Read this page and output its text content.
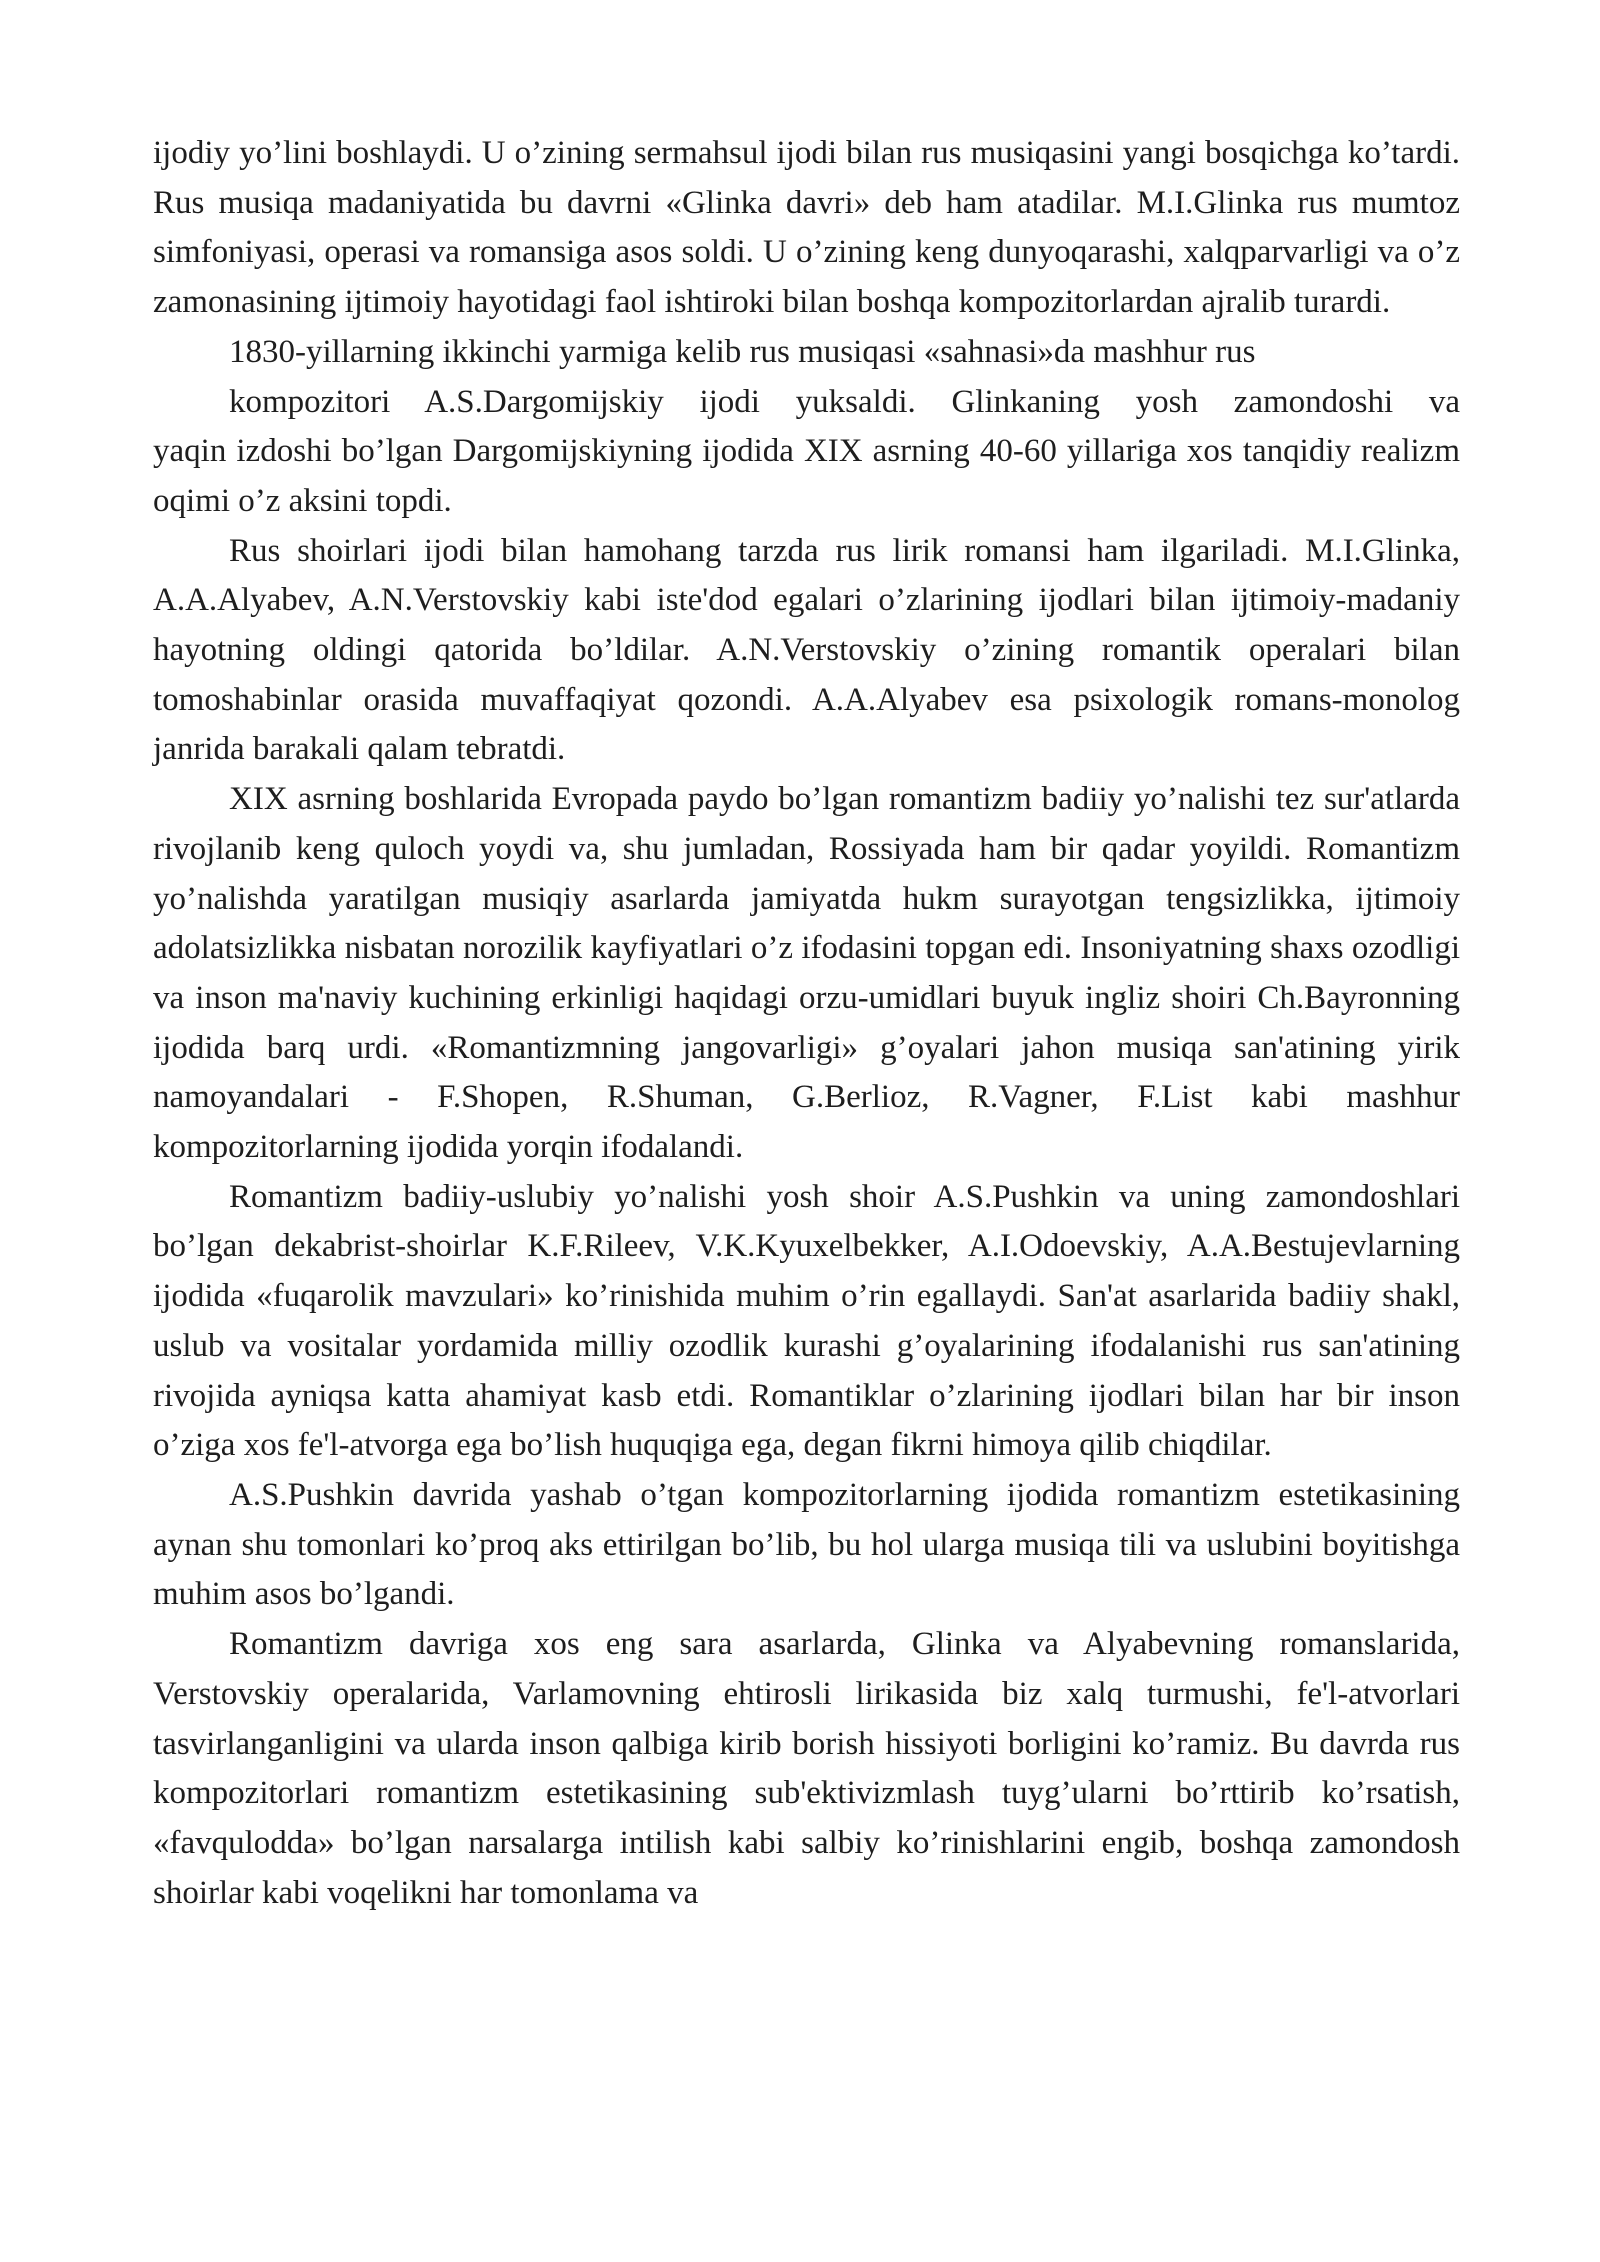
ijodiy yo’lini boshlaydi. U o’zining sermahsul ijodi bilan rus musiqasini yangi bosqichga ko’tardi. Rus musiqa madaniyatida bu davrni «Glinka davri» deb ham atadilar. M.I.Glinka rus mumtoz simfoniyasi, operasi va romansiga asos soldi. U o’zining keng dunyoqarashi, xalqparvarligi va o’z zamonasining ijtimoiy hayotidagi faol ishtiroki bilan boshqa kompozitorlardan ajralib turardi.

1830-yillarning ikkinchi yarmiga kelib rus musiqasi «sahnasi»da mashhur rus

kompozitori A.S.Dargomijskiy ijodi yuksaldi. Glinkaning yosh zamondoshi va

yaqin izdoshi bo’lgan Dargomijskiyning ijodida XIX asrning 40-60 yillariga xos tanqidiy realizm oqimi o’z aksini topdi.

Rus shoirlari ijodi bilan hamohang tarzda rus lirik romansi ham ilgariladi. M.I.Glinka, A.A.Alyabev, A.N.Verstovskiy kabi iste'dod egalari o’zlarining ijodlari bilan ijtimoiy-madaniy hayotning oldingi qatorida bo’ldilar. A.N.Verstovskiy o’zining romantik operalari bilan tomoshabinlar orasida muvaffaqiyat qozondi. A.A.Alyabev esa psixologik romans-monolog janrida barakali qalam tebratdi.

XIX asrning boshlarida Evropada paydo bo’lgan romantizm badiiy yo’nalishi tez sur'atlarda rivojlanib keng quloch yoydi va, shu jumladan, Rossiyada ham bir qadar yoyildi. Romantizm yo’nalishda yaratilgan musiqiy asarlarda jamiyatda hukm surayotgan tengsizlikka, ijtimoiy adolatsizlikka nisbatan norozilik kayfiyatlari o’z ifodasini topgan edi. Insoniyatning shaxs ozodligi va inson ma'naviy kuchining erkinligi haqidagi orzu-umidlari buyuk ingliz shoiri Ch.Bayronning ijodida barq urdi. «Romantizmning jangovarligi» g’oyalari jahon musiqa san'atining yirik namoyandalari - F.Shopen, R.Shuman, G.Berlioz, R.Vagner, F.List kabi mashhur kompozitorlarning ijodida yorqin ifodalandi.

Romantizm badiiy-uslubiy yo’nalishi yosh shoir A.S.Pushkin va uning zamondoshlari bo’lgan dekabrist-shoirlar K.F.Rileev, V.K.Kyuxelbekker, A.I.Odoevskiy, A.A.Bestujevlarning ijodida «fuqarolik mavzulari» ko’rinishida muhim o’rin egallaydi. San'at asarlarida badiiy shakl, uslub va vositalar yordamida milliy ozodlik kurashi g’oyalarining ifodalanishi rus san'atining rivojida ayniqsa katta ahamiyat kasb etdi. Romantiklar o’zlarining ijodlari bilan har bir inson o’ziga xos fe'l-atvorga ega bo’lish huquqiga ega, degan fikrni himoya qilib chiqdilar.

A.S.Pushkin davrida yashab o’tgan kompozitorlarning ijodida romantizm estetikasining aynan shu tomonlari ko’proq aks ettirilgan bo’lib, bu hol ularga musiqa tili va uslubini boyitishga muhim asos bo’lgandi.

Romantizm davriga xos eng sara asarlarda, Glinka va Alyabevning romanslarida, Verstovskiy operalarida, Varlamovning ehtirosli lirikasida biz xalq turmushi, fe'l-atvorlari tasvirlanganligini va ularda inson qalbiga kirib borish hissiyoti borligini ko’ramiz. Bu davrda rus kompozitorlari romantizm estetikasining sub'ektivizmlash tuyg’ularni bo’rttirib ko’rsatish, «favqulodda» bo’lgan narsalarga intilish kabi salbiy ko’rinishlarini engib, boshqa zamondosh shoirlar kabi voqelikni har tomonlama va
